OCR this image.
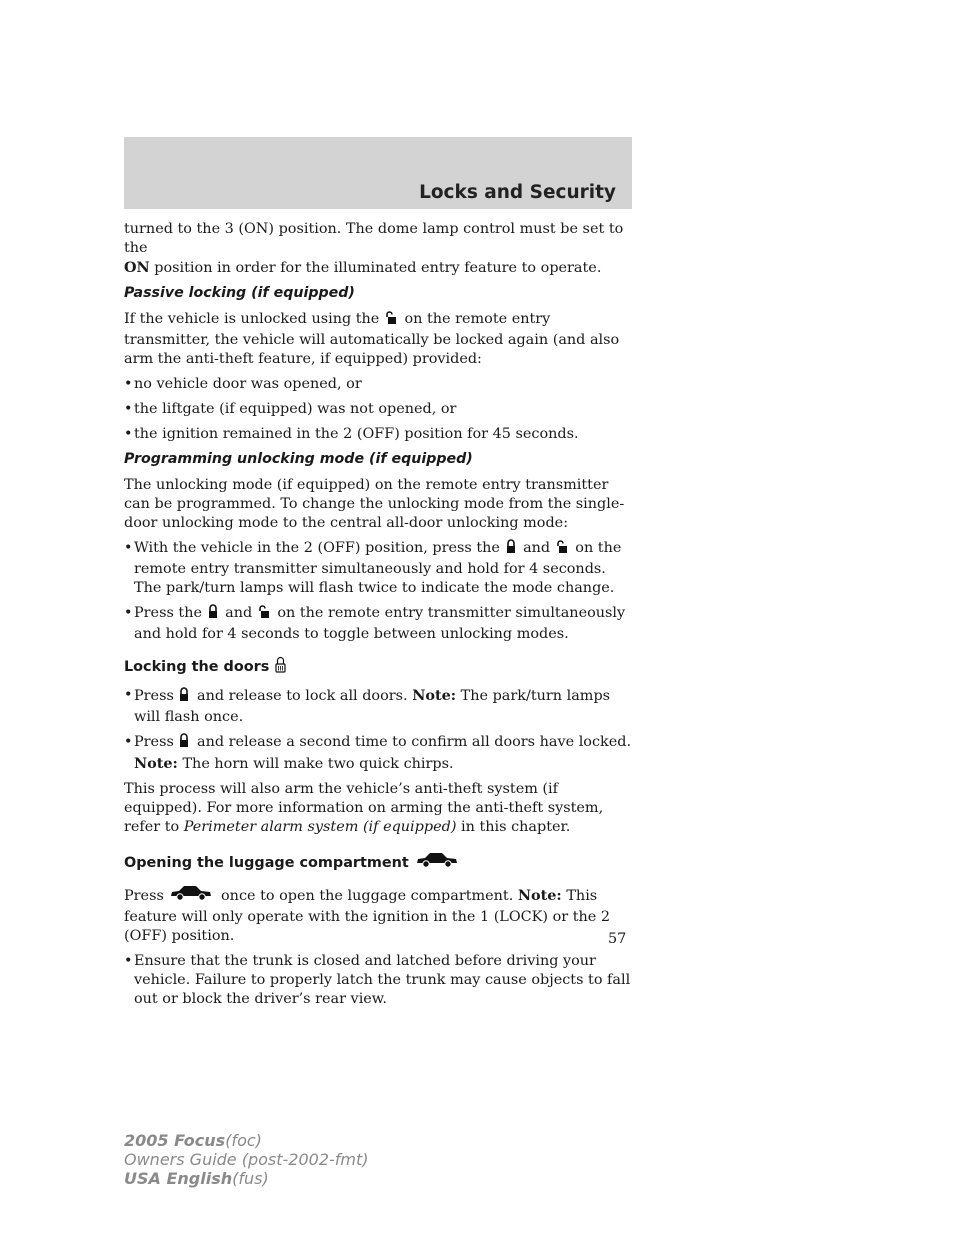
Locks and Security

turned to the 3 (ON) position. The dome lamp control must be set to the
ON position in order for the illuminated entry feature to operate.

Passive locking (if equipped)

If the vehicle is unlocked using the on the remote entry transmitter, the vehicle will automatically be locked again (and also arm the anti-theft feature, if equipped) provided:

• no vehicle door was opened, or
• the liftgate (if equipped) was not opened, or
• the ignition remained in the 2 (OFF) position for 45 seconds.
Programming unlocking mode (if equipped)

The unlocking mode (if equipped) on the remote entry transmitter can be programmed. To change the unlocking mode from the single-door unlocking mode to the central all-door unlocking mode:

• With the vehicle in the 2 (OFF) position, press the and on the remote entry transmitter simultaneously and hold for 4 seconds. The park/turn lamps will flash twice to indicate the mode change.
• Press the and on the remote entry transmitter simultaneously and hold for 4 seconds to toggle between unlocking modes.
Locking the doors
• Press and release to lock all doors. Note: The park/turn lamps will flash once.
• Press and release a second time to confirm all doors have locked.
Note: The horn will make two quick chirps.

This process will also arm the vehicle’s anti-theft system (if equipped). For more information on arming the anti-theft system, refer to Perimeter alarm system (if equipped) in this chapter.

Opening the luggage compartment

Press	once to open the luggage compartment. Note: This feature will only operate with the ignition in the 1 (LOCK) or the 2 (OFF) position.

• Ensure that the trunk is closed and latched before driving your vehicle. Failure to properly latch the trunk may cause objects to fall out or block the driver’s rear view.
57
2005 Focus(foc)
Owners Guide (post-2002-fmt)
USA English(fus)
